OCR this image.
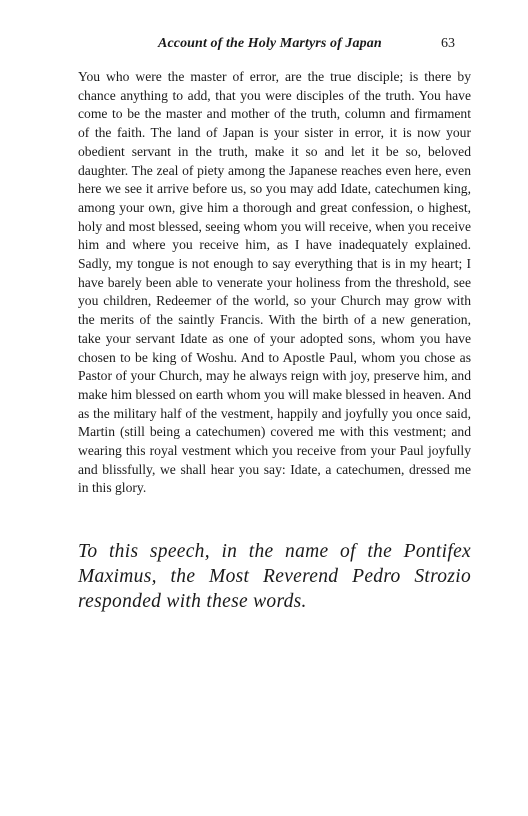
Account of the Holy Martyrs of Japan	63

You who were the master of error, are the true disciple; is there by chance anything to add, that you were disciples of the truth. You have come to be the master and mother of the truth, column and firmament of the faith. The land of Japan is your sister in error, it is now your obedient servant in the truth, make it so and let it be so, beloved daughter. The zeal of piety among the Japanese reaches even here, even here we see it arrive before us, so you may add Idate, catechumen king, among your own, give him a thorough and great confession, o highest, holy and most blessed, seeing whom you will receive, when you receive him and where you receive him, as I have inadequately explained. Sadly, my tongue is not enough to say everything that is in my heart; I have barely been able to venerate your holiness from the threshold, see you children, Redeemer of the world, so your Church may grow with the merits of the saintly Francis. With the birth of a new generation, take your servant Idate as one of your adopted sons, whom you have chosen to be king of Woshu. And to Apostle Paul, whom you chose as Pastor of your Church, may he always reign with joy, preserve him, and make him blessed on earth whom you will make blessed in heaven. And as the military half of the vestment, happily and joyfully you once said, Martin (still being a catechumen) covered me with this vestment; and wearing this royal vestment which you receive from your Paul joyfully and blissfully, we shall hear you say: Idate, a catechumen, dressed me in this glory.

To this speech, in the name of the Pontifex Maximus, the Most Reverend Pedro Strozio responded with these words.
